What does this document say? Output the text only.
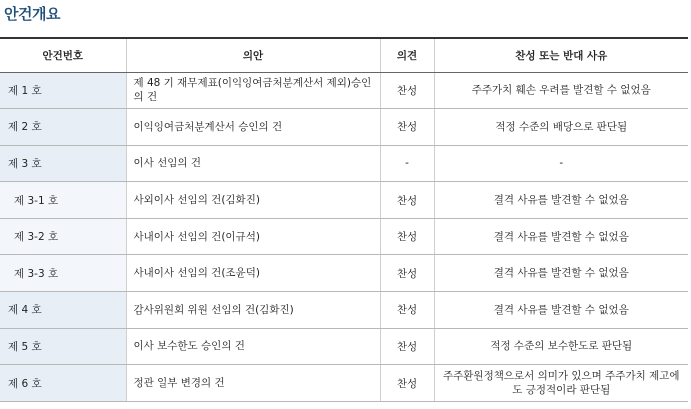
안건개요
안건번호	의안	의견	찬성 또는 반대 사유
제 1 호	제 48 기 재무제표(이익잉여금처분계산서 제외)승인의 건	찬성	주주가치 훼손 우려를 발견할 수 없었음
제 2 호	이익잉여금처분계산서 승인의 건	찬성	적정 수준의 배당으로 판단됨
제 3 호	이사 선임의 건	-	-
제 3-1 호	사외이사 선임의 건(김화진)	찬성	결격 사유를 발견할 수 없었음
제 3-2 호	사내이사 선임의 건(이규석)	찬성	결격 사유를 발견할 수 없었음
제 3-3 호	사내이사 선임의 건(조윤덕)	찬성	결격 사유를 발견할 수 없었음
제 4 호	감사위원회 위원 선임의 건(김화진)	찬성	결격 사유를 발견할 수 없었음
제 5 호	이사 보수한도 승인의 건	찬성	적정 수준의 보수한도로 판단됨
제 6 호	정관 일부 변경의 건	찬성	주주환원정책으로서 의미가 있으며 주주가치 제고에도 긍정적이라 판단됨
